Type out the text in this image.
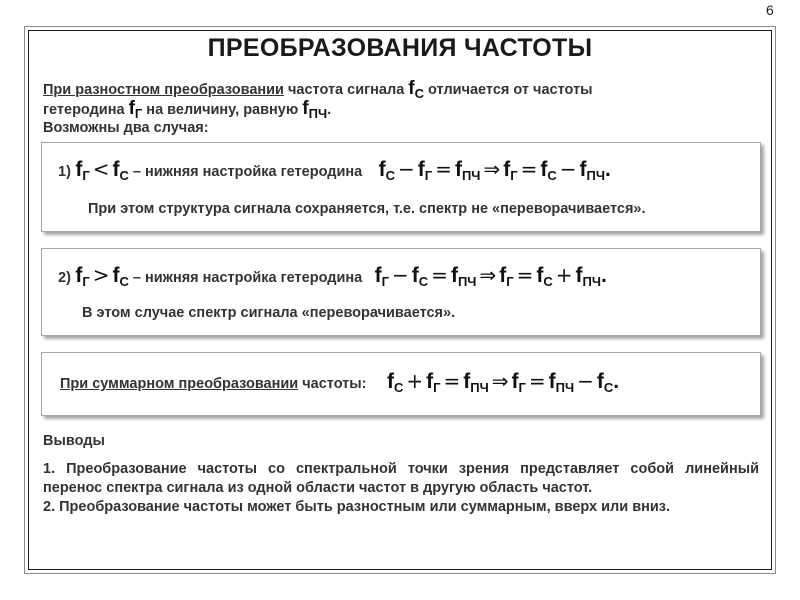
6
ПРЕОБРАЗОВАНИЯ ЧАСТОТЫ
При разностном преобразовании частота сигнала $f_С$ отличается от частоты
гетеродина $f_Г$ на величину, равную $f_{ПЧ}$.
Возможны два случая:
1) $f_Г < f_С$ – нижняя настройка гетеродина $f_С - f_Г = f_{ПЧ}$ ⇒ $f_Г = f_С - f_{ПЧ}$.
При этом структура сигнала сохраняется, т.е. спектр не «переворачивается».
2) $f_Г > f_С$ – нижняя настройка гетеродина $f_Г - f_С = f_{ПЧ}$ ⇒ $f_Г = f_С + f_{ПЧ}$.
В этом случае спектр сигнала «переворачивается».
При суммарном преобразовании частоты: $f_С + f_Г = f_{ПЧ}$ ⇒ $f_Г = f_{ПЧ} - f_С$.
Выводы

1. Преобразование частоты со спектральной точки зрения представляет собой линейный перенос спектра сигнала из одной области частот в другую область частот.

2. Преобразование частоты может быть разностным или суммарным, вверх или вниз.
